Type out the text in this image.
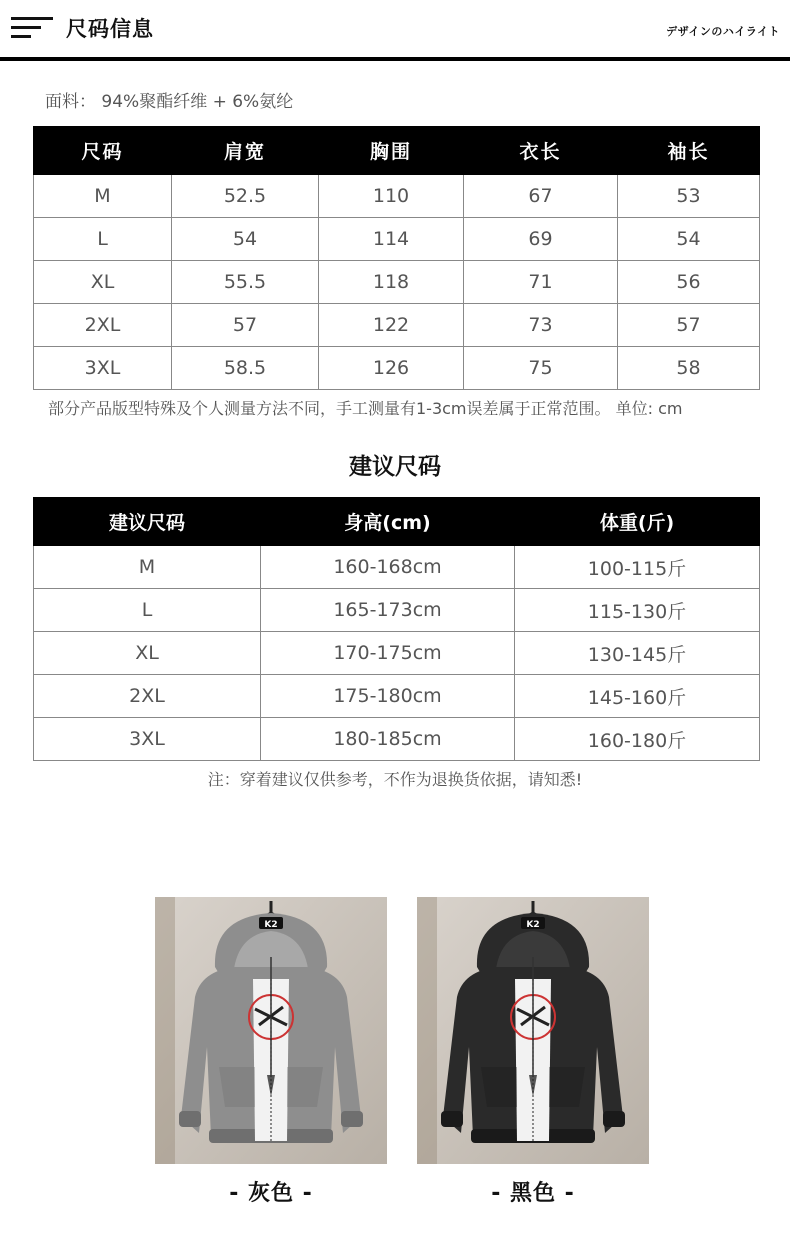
尺码信息	デザインのハイライト
面料： 94%聚酯纤维 + 6%氨纶
尺码	肩宽	胸围	衣长	袖长
M	52.5	110	67	53
L	54	114	69	54
XL	55.5	118	71	56
2XL	57	122	73	57
3XL	58.5	126	75	58
部分产品版型特殊及个人测量方法不同，手工测量有1-3cm误差属于正常范围。 单位: cm
建议尺码
建议尺码	身高(cm)	体重(斤)
M	160-168cm	100-115斤
L	165-173cm	115-130斤
XL	170-175cm	130-145斤
2XL	175-180cm	145-160斤
3XL	180-185cm	160-180斤
注：穿着建议仅供参考，不作为退换货依据，请知悉!
K2	K2
- 灰色 -	- 黑色 -
